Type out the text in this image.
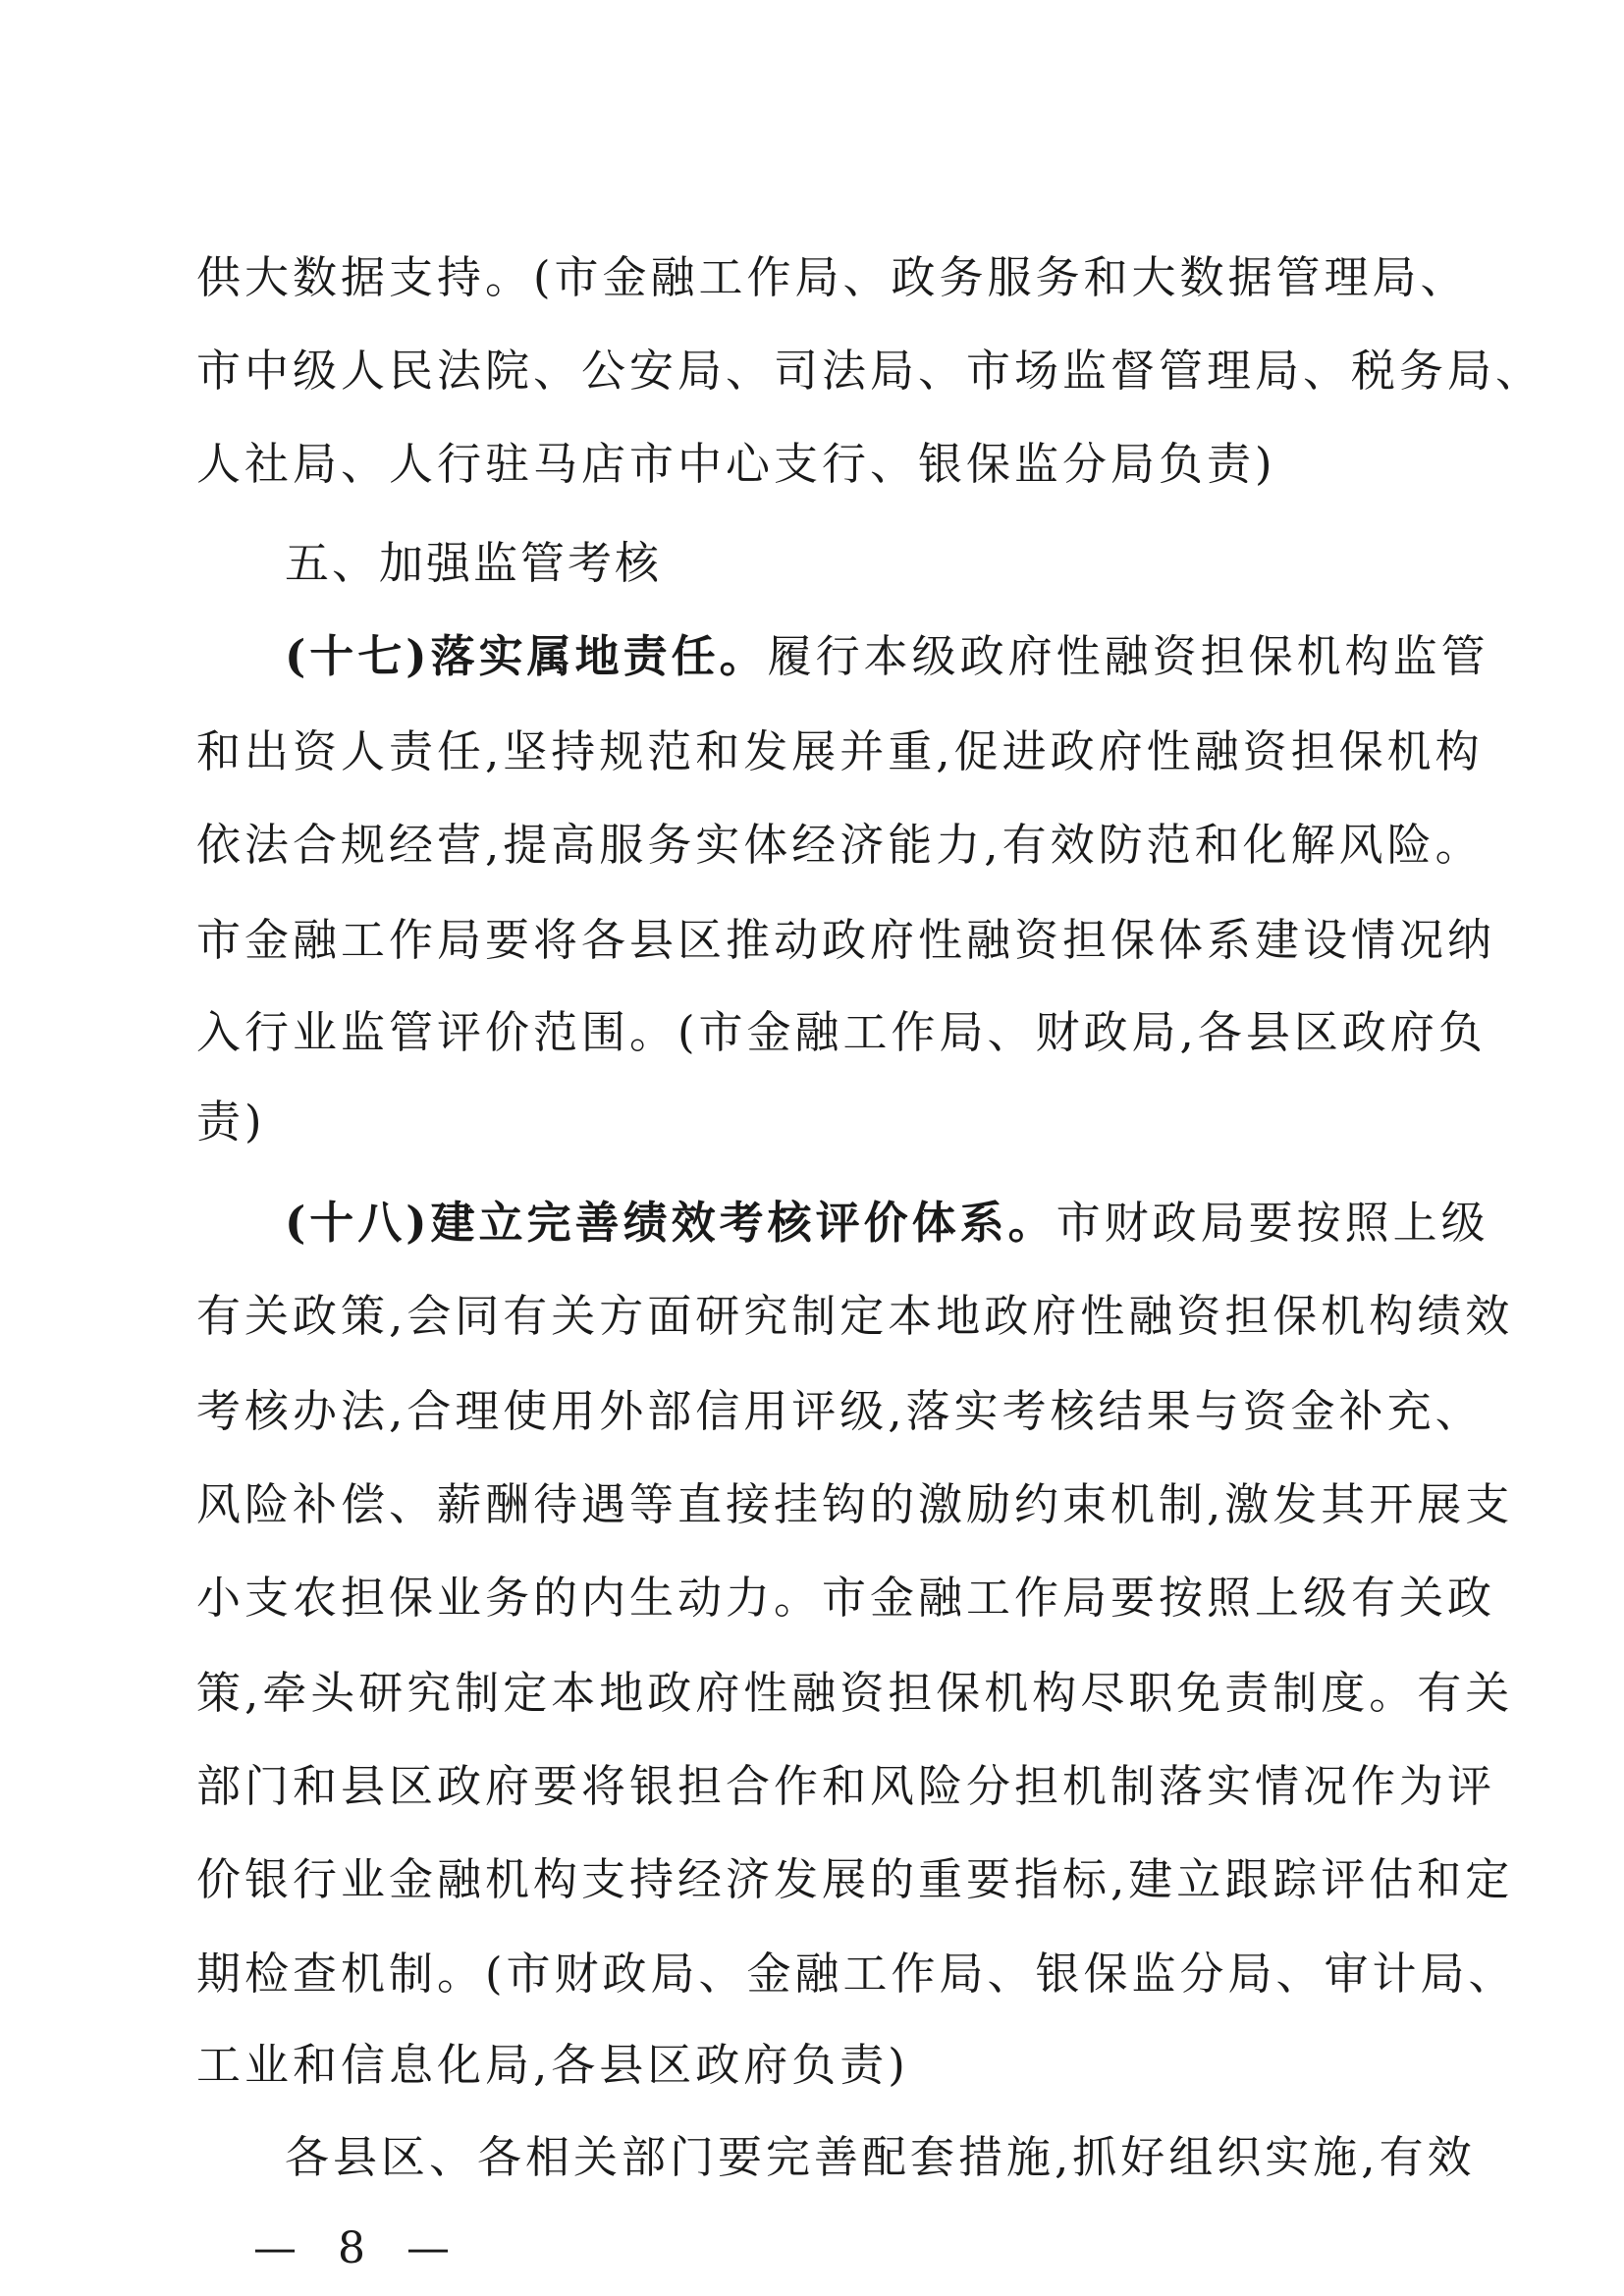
供大数据支持。(市金融工作局、政务服务和大数据管理局、
市中级人民法院、公安局、司法局、市场监督管理局、税务局、
人社局、人行驻马店市中心支行、银保监分局负责)
五、加强监管考核
(十七)落实属地责任。履行本级政府性融资担保机构监管
和出资人责任,坚持规范和发展并重,促进政府性融资担保机构
依法合规经营,提高服务实体经济能力,有效防范和化解风险。
市金融工作局要将各县区推动政府性融资担保体系建设情况纳
入行业监管评价范围。(市金融工作局、财政局,各县区政府负
责)
(十八)建立完善绩效考核评价体系。市财政局要按照上级
有关政策,会同有关方面研究制定本地政府性融资担保机构绩效
考核办法,合理使用外部信用评级,落实考核结果与资金补充、
风险补偿、薪酬待遇等直接挂钩的激励约束机制,激发其开展支
小支农担保业务的内生动力。市金融工作局要按照上级有关政
策,牵头研究制定本地政府性融资担保机构尽职免责制度。有关
部门和县区政府要将银担合作和风险分担机制落实情况作为评
价银行业金融机构支持经济发展的重要指标,建立跟踪评估和定
期检查机制。(市财政局、金融工作局、银保监分局、审计局、
工业和信息化局,各县区政府负责)
各县区、各相关部门要完善配套措施,抓好组织实施,有效
— 8 —
